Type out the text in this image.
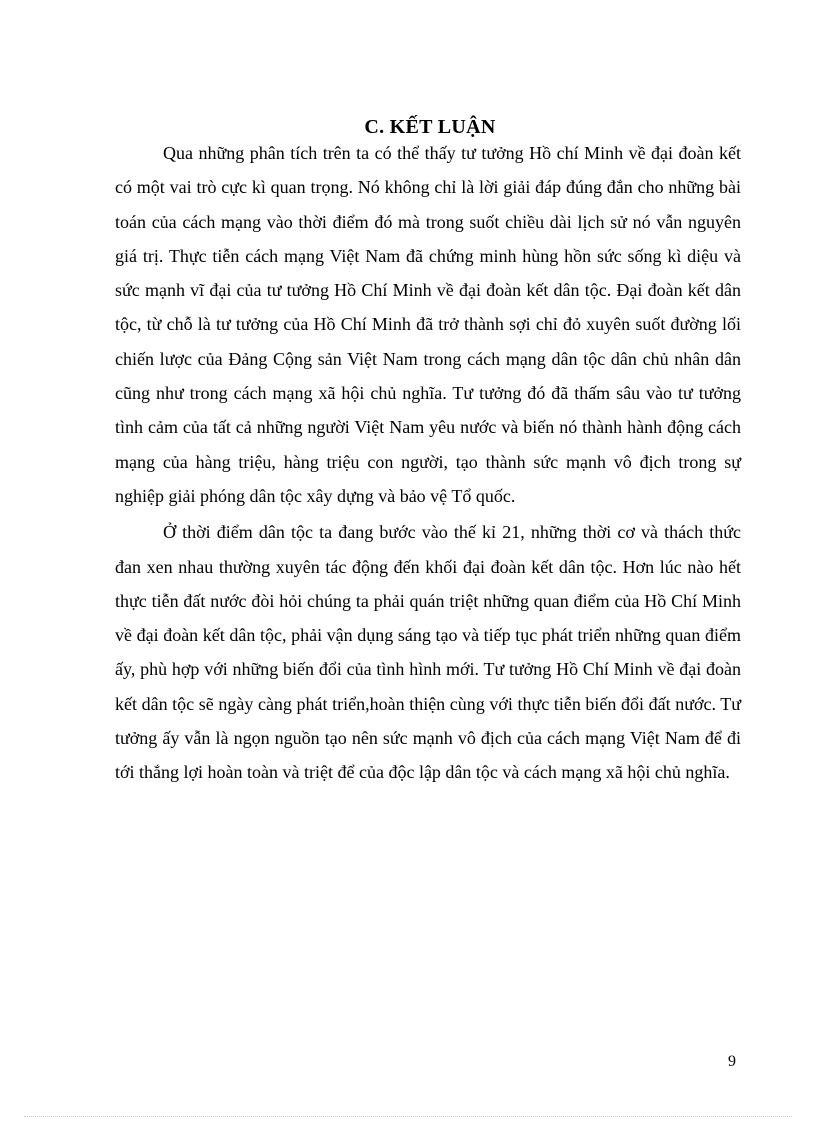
C. KẾT LUẬN

Qua những phân tích trên ta có thể thấy tư tưởng Hồ chí Minh về đại đoàn kết có một vai trò cực kì quan trọng. Nó không chỉ là lời giải đáp đúng đắn cho những bài toán của cách mạng vào thời điểm đó mà trong suốt chiều dài lịch sử nó vẫn nguyên giá trị. Thực tiễn cách mạng Việt Nam đã chứng minh hùng hồn sức sống kì diệu và sức mạnh vĩ đại của tư tưởng Hồ Chí Minh về đại đoàn kết dân tộc. Đại đoàn kết dân tộc, từ chỗ là tư tưởng của Hồ Chí Minh đã trở thành sợi chỉ đỏ xuyên suốt đường lối chiến lược của Đảng Cộng sản Việt Nam trong cách mạng dân tộc dân chủ nhân dân cũng như trong cách mạng xã hội chủ nghĩa. Tư tưởng đó đã thấm sâu vào tư tưởng tình cảm của tất cả những người Việt Nam yêu nước và biến nó thành hành động cách mạng của hàng triệu, hàng triệu con người, tạo thành sức mạnh vô địch trong sự nghiệp giải phóng dân tộc xây dựng và bảo vệ Tổ quốc.

Ở thời điểm dân tộc ta đang bước vào thế kỉ 21, những thời cơ và thách thức đan xen nhau thường xuyên tác động đến khối đại đoàn kết dân tộc. Hơn lúc nào hết thực tiễn đất nước đòi hỏi chúng ta phải quán triệt những quan điểm của Hồ Chí Minh về đại đoàn kết dân tộc, phải vận dụng sáng tạo và tiếp tục phát triển những quan điểm ấy, phù hợp với những biến đổi của tình hình mới. Tư tưởng Hồ Chí Minh về đại đoàn kết dân tộc sẽ ngày càng phát triển,hoàn thiện cùng với thực tiễn biến đổi đất nước. Tư tưởng ấy vẫn là ngọn nguồn tạo nên sức mạnh vô địch của cách mạng Việt Nam để đi tới thắng lợi hoàn toàn và triệt để của độc lập dân tộc và cách mạng xã hội chủ nghĩa.

9
